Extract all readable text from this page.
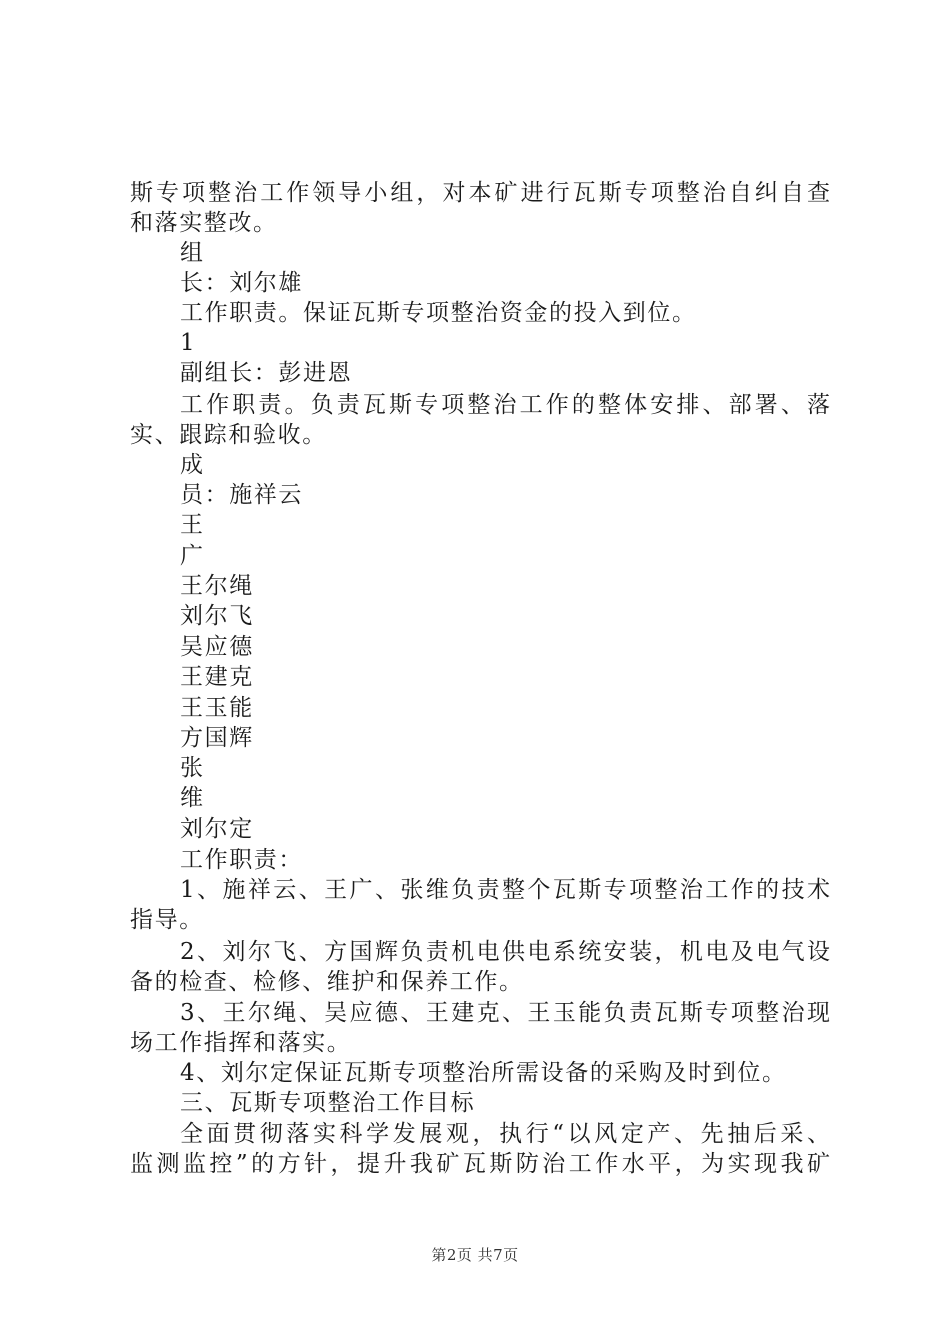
斯专项整治工作领导小组，对本矿进行瓦斯专项整治自纠自查
和落实整改。
组
长：刘尔雄
工作职责。保证瓦斯专项整治资金的投入到位。
1
副组长：彭进恩
工作职责。负责瓦斯专项整治工作的整体安排、部署、落
实、跟踪和验收。
成
员：施祥云
王
广
王尔绳
刘尔飞
吴应德
王建克
王玉能
方国辉
张
维
刘尔定
工作职责：
1、施祥云、王广、张维负责整个瓦斯专项整治工作的技术
指导。
2、刘尔飞、方国辉负责机电供电系统安装，机电及电气设
备的检查、检修、维护和保养工作。
3、王尔绳、吴应德、王建克、王玉能负责瓦斯专项整治现
场工作指挥和落实。
4、刘尔定保证瓦斯专项整治所需设备的采购及时到位。
三、瓦斯专项整治工作目标
全面贯彻落实科学发展观，执行“以风定产、先抽后采、
监测监控”的方针，提升我矿瓦斯防治工作水平，为实现我矿
第2页 共7页
